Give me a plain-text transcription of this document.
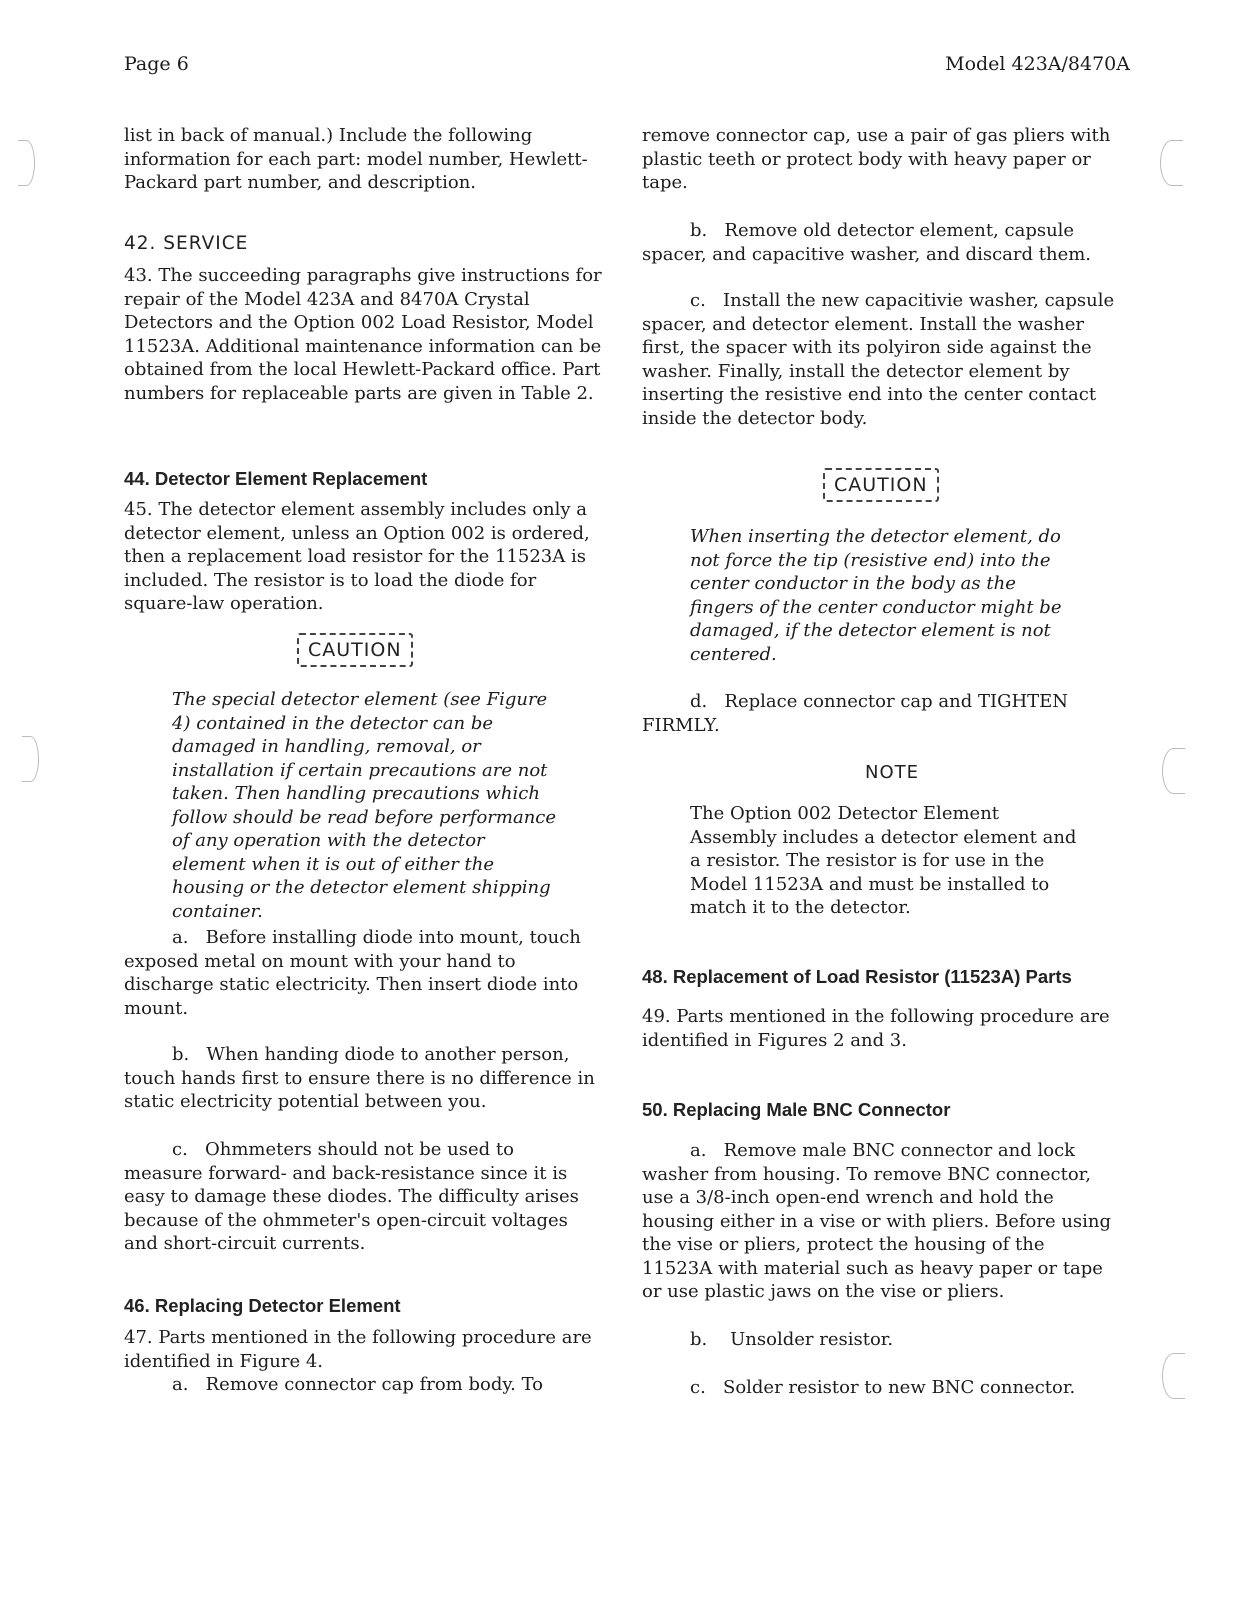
Page 6	Model 423A/8470A
list in back of manual.) Include the following information for each part: model number, Hewlett-Packard part number, and description.
42. SERVICE
43. The succeeding paragraphs give instructions for repair of the Model 423A and 8470A Crystal Detectors and the Option 002 Load Resistor, Model 11523A. Additional maintenance information can be obtained from the local Hewlett-Packard office. Part numbers for replaceable parts are given in Table 2.
44. Detector Element Replacement
45. The detector element assembly includes only a detector element, unless an Option 002 is ordered, then a replacement load resistor for the 11523A is included. The resistor is to load the diode for square-law operation.
CAUTION
The special detector element (see Figure 4) contained in the detector can be damaged in handling, removal, or installation if certain precautions are not taken. Then handling precautions which follow should be read before performance of any operation with the detector element when it is out of either the housing or the detector element shipping container.
a. Before installing diode into mount, touch exposed metal on mount with your hand to discharge static electricity. Then insert diode into mount.
b. When handing diode to another person, touch hands first to ensure there is no difference in static electricity potential between you.
c. Ohmmeters should not be used to measure forward- and back-resistance since it is easy to damage these diodes. The difficulty arises because of the ohmmeter's open-circuit voltages and short-circuit currents.
46. Replacing Detector Element
47. Parts mentioned in the following procedure are identified in Figure 4.
a. Remove connector cap from body. To
remove connector cap, use a pair of gas pliers with plastic teeth or protect body with heavy paper or tape.
b. Remove old detector element, capsule spacer, and capacitive washer, and discard them.
c. Install the new capacitivie washer, capsule spacer, and detector element. Install the washer first, the spacer with its polyiron side against the washer. Finally, install the detector element by inserting the resistive end into the center contact inside the detector body.
CAUTION
When inserting the detector element, do not force the tip (resistive end) into the center conductor in the body as the fingers of the center conductor might be damaged, if the detector element is not centered.
d. Replace connector cap and TIGHTEN FIRMLY.
NOTE
The Option 002 Detector Element Assembly includes a detector element and a resistor. The resistor is for use in the Model 11523A and must be installed to match it to the detector.
48. Replacement of Load Resistor (11523A) Parts
49. Parts mentioned in the following procedure are identified in Figures 2 and 3.
50. Replacing Male BNC Connector
a. Remove male BNC connector and lock washer from housing. To remove BNC connector, use a 3/8-inch open-end wrench and hold the housing either in a vise or with pliers. Before using the vise or pliers, protect the housing of the 11523A with material such as heavy paper or tape or use plastic jaws on the vise or pliers.
b. Unsolder resistor.
c. Solder resistor to new BNC connector.
